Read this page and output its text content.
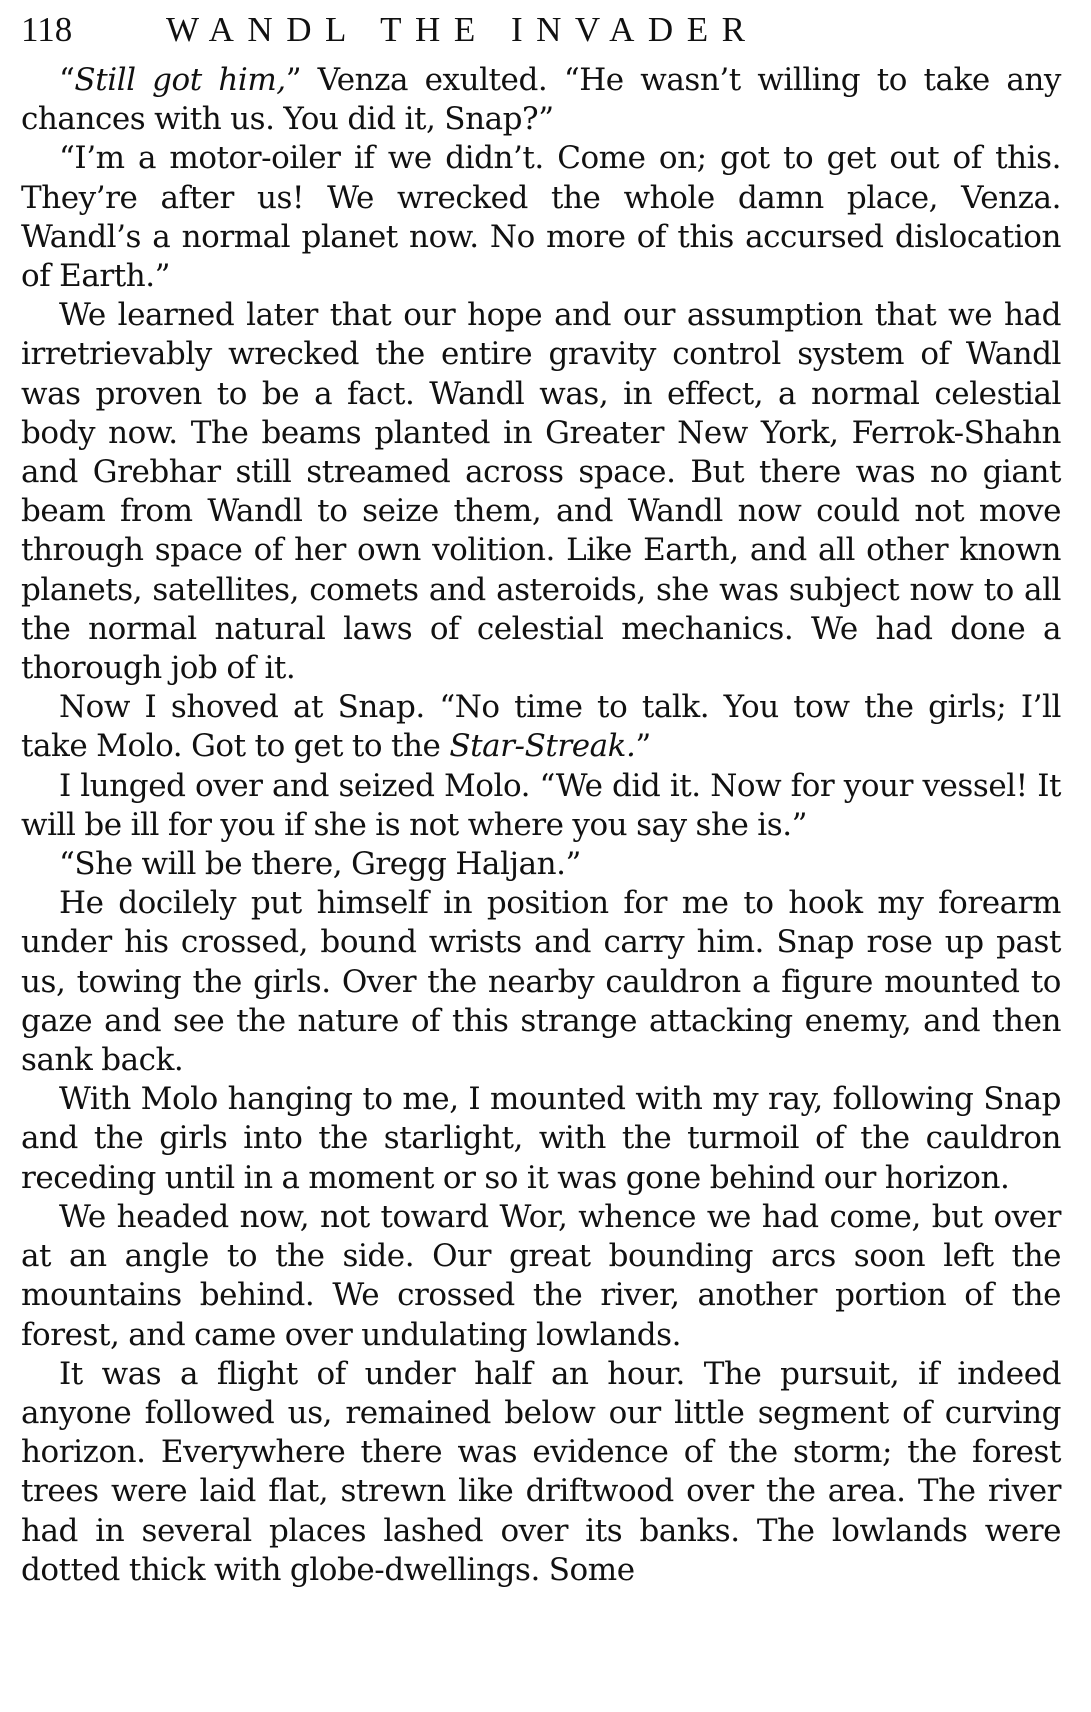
118	WANDL THE INVADER

“Still got him,” Venza exulted. “He wasn’t willing to take any chances with us. You did it, Snap?”

“I’m a motor-oiler if we didn’t. Come on; got to get out of this. They’re after us! We wrecked the whole damn place, Venza. Wandl’s a normal planet now. No more of this accursed dislocation of Earth.”

We learned later that our hope and our assumption that we had irretrievably wrecked the entire gravity control system of Wandl was proven to be a fact. Wandl was, in effect, a normal celestial body now. The beams planted in Greater New York, Ferrok-Shahn and Grebhar still streamed across space. But there was no giant beam from Wandl to seize them, and Wandl now could not move through space of her own volition. Like Earth, and all other known planets, satellites, comets and asteroids, she was subject now to all the normal natural laws of celestial mechanics. We had done a thorough job of it.

Now I shoved at Snap. “No time to talk. You tow the girls; I’ll take Molo. Got to get to the Star-Streak.”

I lunged over and seized Molo. “We did it. Now for your vessel! It will be ill for you if she is not where you say she is.”

“She will be there, Gregg Haljan.”

He docilely put himself in position for me to hook my forearm under his crossed, bound wrists and carry him. Snap rose up past us, towing the girls. Over the nearby cauldron a figure mounted to gaze and see the nature of this strange attacking enemy, and then sank back.

With Molo hanging to me, I mounted with my ray, following Snap and the girls into the starlight, with the turmoil of the cauldron receding until in a moment or so it was gone behind our horizon.

We headed now, not toward Wor, whence we had come, but over at an angle to the side. Our great bounding arcs soon left the mountains behind. We crossed the river, another portion of the forest, and came over undulating lowlands.

It was a flight of under half an hour. The pursuit, if indeed anyone followed us, remained below our little segment of curving horizon. Everywhere there was evidence of the storm; the forest trees were laid flat, strewn like driftwood over the area. The river had in several places lashed over its banks. The lowlands were dotted thick with globe-dwellings. Some
